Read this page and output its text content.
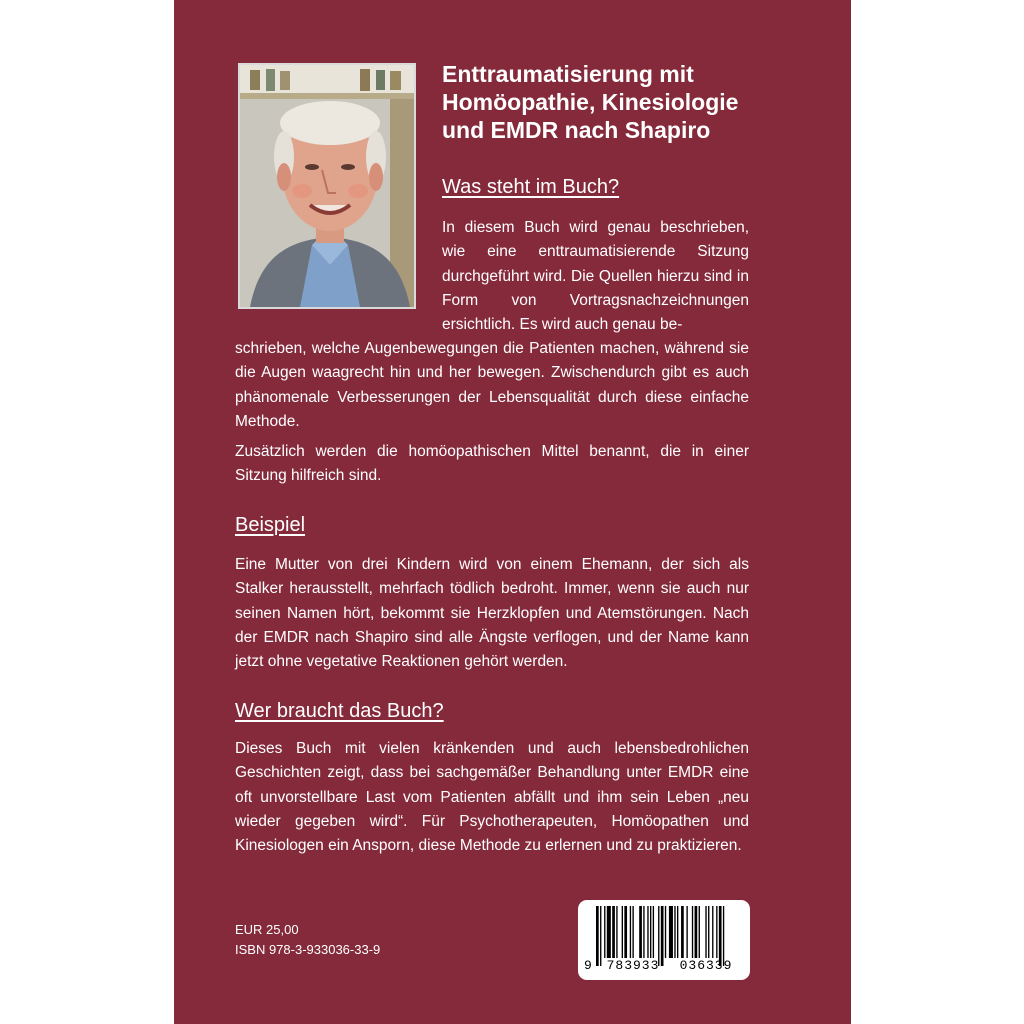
Enttraumatisierung mit
Homöopathie, Kinesiologie
und EMDR nach Shapiro
Was steht im Buch?

In diesem Buch wird genau beschrieben, wie eine enttraumatisierende Sitzung durchgeführt wird. Die Quellen hierzu sind in Form von Vortragsnachzeichnungen ersichtlich. Es wird auch genau be-

schrieben, welche Augenbewegungen die Patienten machen, während sie die Augen waagrecht hin und her bewegen. Zwischendurch gibt es auch phänomenale Verbesserungen der Lebensqualität durch diese einfache Methode.

Zusätzlich werden die homöopathischen Mittel benannt, die in einer Sitzung hilfreich sind.

Beispiel

Eine Mutter von drei Kindern wird von einem Ehemann, der sich als Stalker herausstellt, mehrfach tödlich bedroht. Immer, wenn sie auch nur seinen Namen hört, bekommt sie Herzklopfen und Atemstörungen. Nach der EMDR nach Shapiro sind alle Ängste verflogen, und der Name kann jetzt ohne vegetative Reaktionen gehört werden.

Wer braucht das Buch?

Dieses Buch mit vielen kränkenden und auch lebensbedrohlichen Geschichten zeigt, dass bei sachgemäßer Behandlung unter EMDR eine oft unvorstellbare Last vom Patienten abfällt und ihm sein Leben „neu wieder gegeben wird“. Für Psychotherapeuten, Homöopathen und Kinesiologen ein Ansporn, diese Methode zu erlernen und zu praktizieren.

EUR 25,00
ISBN 978-3-933036-33-9
9	783933	036339
